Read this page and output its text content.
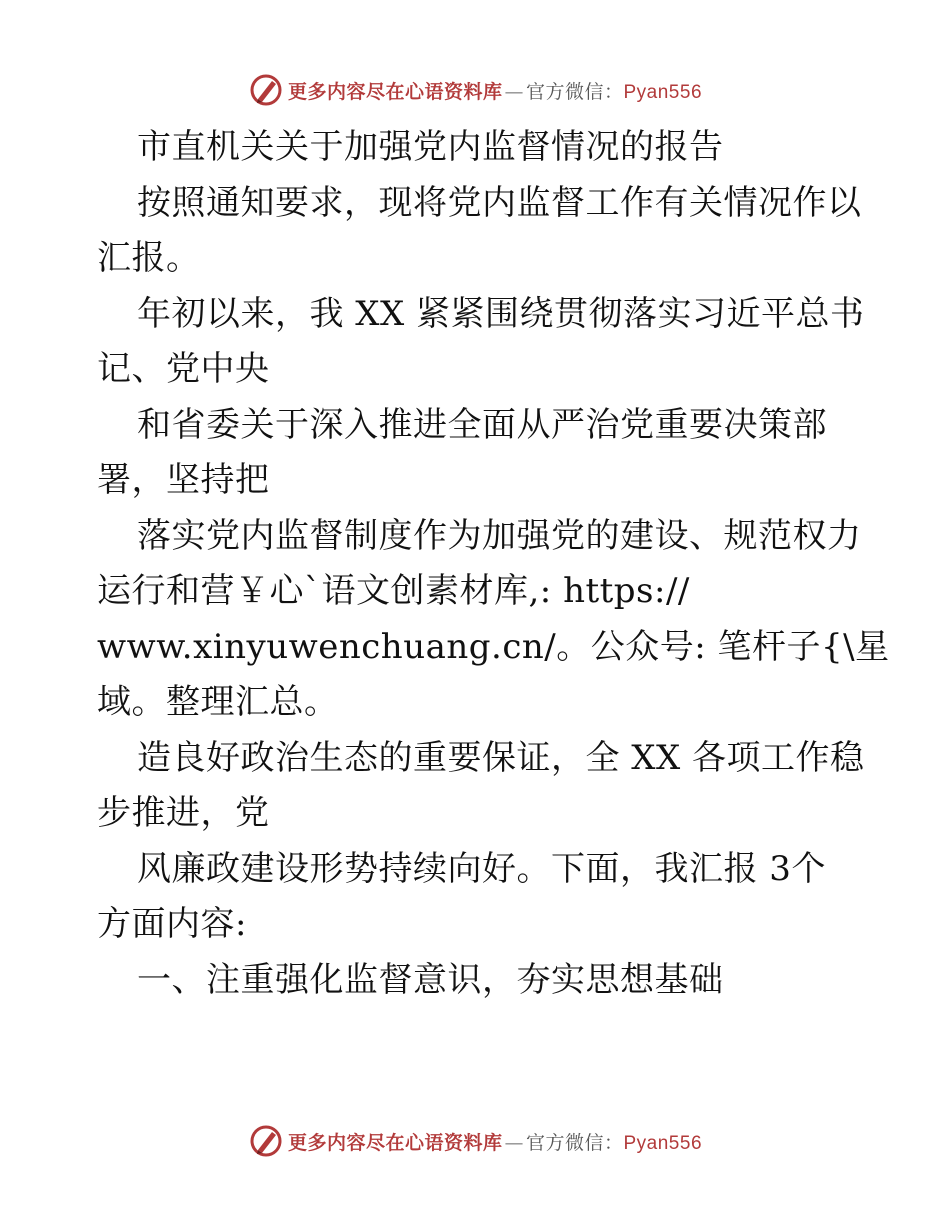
更多内容尽在心语资料库 — 官方微信：Pyan556
市直机关关于加强党内监督情况的报告
按照通知要求，现将党内监督工作有关情况作以
汇报。
年初以来，我 XX 紧紧围绕贯彻落实习近平总书
记、党中央
和省委关于深入推进全面从严治党重要决策部
署，坚持把
落实党内监督制度作为加强党的建设、规范权力
运行和营￥心`语文创素材库,: https://
www.xinyuwenchuang.cn/。公众号: 笔杆子{\星
域。整理汇总。
造良好政治生态的重要保证，全 XX 各项工作稳
步推进，党
风廉政建设形势持续向好。下面，我汇报 3个
方面内容:
一、注重强化监督意识，夯实思想基础
更多内容尽在心语资料库 — 官方微信：Pyan556
